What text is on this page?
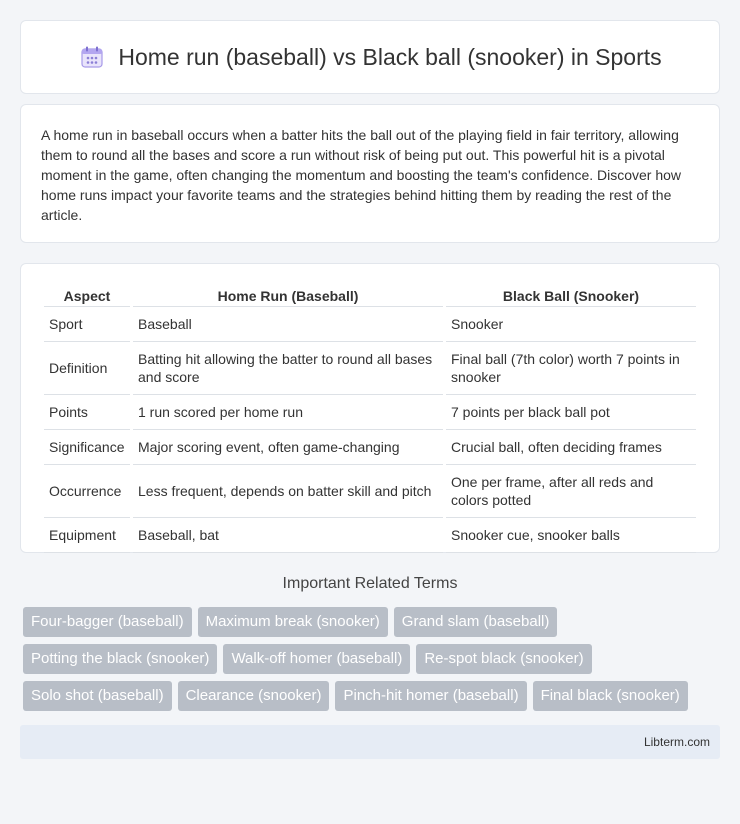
Home run (baseball) vs Black ball (snooker) in Sports

A home run in baseball occurs when a batter hits the ball out of the playing field in fair territory, allowing them to round all the bases and score a run without risk of being put out. This powerful hit is a pivotal moment in the game, often changing the momentum and boosting the team's confidence. Discover how home runs impact your favorite teams and the strategies behind hitting them by reading the rest of the article.

Aspect	Home Run (Baseball)	Black Ball (Snooker)
Sport	Baseball	Snooker
Definition	Batting hit allowing the batter to round all bases and score	Final ball (7th color) worth 7 points in snooker
Points	1 run scored per home run	7 points per black ball pot
Significance	Major scoring event, often game-changing	Crucial ball, often deciding frames
Occurrence	Less frequent, depends on batter skill and pitch	One per frame, after all reds and colors potted
Equipment	Baseball, bat	Snooker cue, snooker balls
Important Related Terms
Four-bagger (baseball)	Maximum break (snooker)	Grand slam (baseball)
Potting the black (snooker)	Walk-off homer (baseball)	Re-spot black (snooker)
Solo shot (baseball)	Clearance (snooker)	Pinch-hit homer (baseball)	Final black (snooker)
Libterm.com
